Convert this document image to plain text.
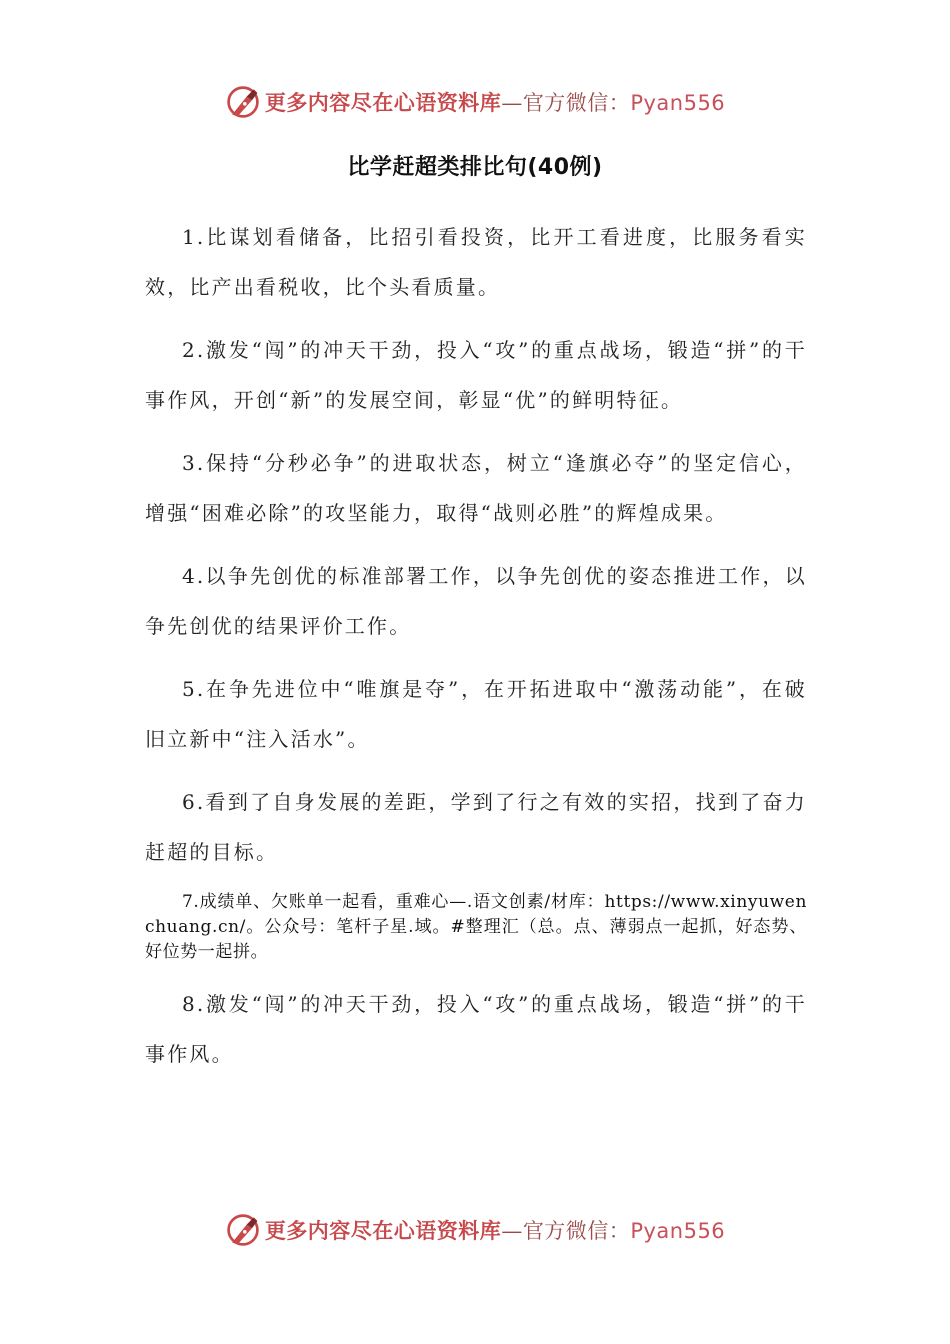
更多内容尽在心语资料库—官方微信：Pyan556
比学赶超类排比句(40例)

1.比谋划看储备，比招引看投资，比开工看进度，比服务看实效，比产出看税收，比个头看质量。

2.激发“闯”的冲天干劲，投入“攻”的重点战场，锻造“拼”的干事作风，开创“新”的发展空间，彰显“优”的鲜明特征。

3.保持“分秒必争”的进取状态，树立“逢旗必夺”的坚定信心，增强“困难必除”的攻坚能力，取得“战则必胜”的辉煌成果。

4.以争先创优的标准部署工作，以争先创优的姿态推进工作，以争先创优的结果评价工作。

5.在争先进位中“唯旗是夺”，在开拓进取中“激荡动能”，在破旧立新中“注入活水”。

6.看到了自身发展的差距，学到了行之有效的实招，找到了奋力赶超的目标。

7.成绩单、欠账单一起看，重难心—.语文创素/材库：https://www.xinyuwenchuang.cn/。公众号：笔杆子星.域。#整理汇（总。点、薄弱点一起抓，好态势、好位势一起拼。

8.激发“闯”的冲天干劲，投入“攻”的重点战场，锻造“拼”的干事作风。

更多内容尽在心语资料库—官方微信：Pyan556
